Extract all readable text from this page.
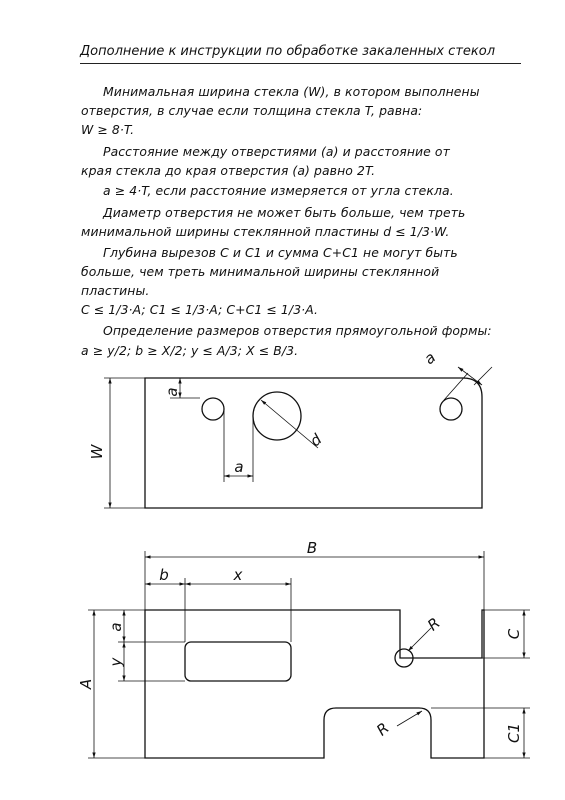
Дополнение к инструкции по обработке закаленных стекол
Минимальная ширина стекла (W), в котором выполнены
отверстия, в случае если толщина стекла T, равна:
W ≥ 8·T.
Расстояние между отверстиями (a) и расстояние от
края стекла до края отверстия (a) равно 2T.
a ≥ 4·T, если расстояние измеряется от угла стекла.
Диаметр отверстия не может быть больше, чем треть
минимальной ширины стеклянной пластины d ≤ 1/3·W.
Глубина вырезов C и C1 и сумма C+C1 не могут быть
больше, чем треть минимальной ширины стеклянной
пластины.
C ≤ 1/3·A; C1 ≤ 1/3·A; C+C1 ≤ 1/3·A.
Определение размеров отверстия прямоугольной формы:
a ≥ y/2; b ≥ X/2; y ≤ A/3; X ≤ B/3.
W
a
a
d
a
B
b	x
a
y
A
C
C1
R
R
